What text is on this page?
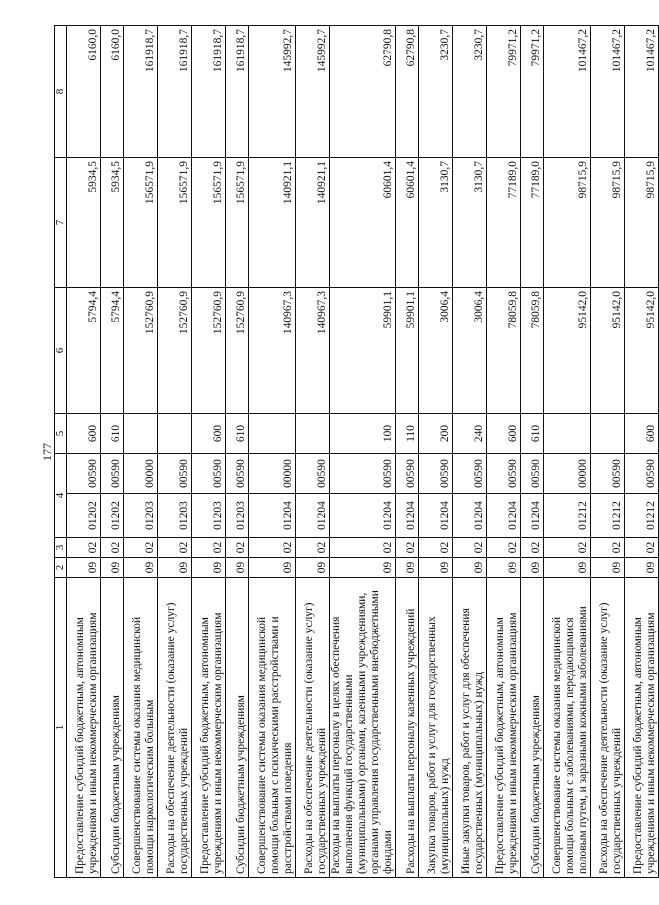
177
1	2	3	4		5	6	7	8
Предоставление субсидий бюджетным, автономным учреждениям и иным некоммерческим организациям	09	02	01202	00590	600	5794,4	5934,5	6160,0
Субсидии бюджетным учреждениям	09	02	01202	00590	610	5794,4	5934,5	6160,0
Совершенствование системы оказания медицинской помощи наркологическим больным	09	02	01203	00000		152760,9	156571,9	161918,7
Расходы на обеспечение деятельности (оказание услуг) государственных учреждений	09	02	01203	00590		152760,9	156571,9	161918,7
Предоставление субсидий бюджетным, автономным учреждениям и иным некоммерческим организациям	09	02	01203	00590	600	152760,9	156571,9	161918,7
Субсидии бюджетным учреждениям	09	02	01203	00590	610	152760,9	156571,9	161918,7
Совершенствование системы оказания медицинской помощи больным с психическими расстройствами и расстройствами поведения	09	02	01204	00000		140967,3	140921,1	145992,7
Расходы на обеспечение деятельности (оказание услуг) государственных учреждений	09	02	01204	00590		140967,3	140921,1	145992,7
Расходы на выплаты персоналу в целях обеспечения выполнения функций государственными (муниципальными) органами, казенными учреждениями, органами управления государственными внебюджетными фондами	09	02	01204	00590	100	59901,1	60601,4	62790,8
Расходы на выплаты персоналу казенных учреждений	09	02	01204	00590	110	59901,1	60601,4	62790,8
Закупка товаров, работ и услуг для государственных (муниципальных) нужд	09	02	01204	00590	200	3006,4	3130,7	3230,7
Иные закупки товаров, работ и услуг для обеспечения государственных (муниципальных) нужд	09	02	01204	00590	240	3006,4	3130,7	3230,7
Предоставление субсидий бюджетным, автономным учреждениям и иным некоммерческим организациям	09	02	01204	00590	600	78059,8	77189,0	79971,2
Субсидии бюджетным учреждениям	09	02	01204	00590	610	78059,8	77189,0	79971,2
Совершенствование системы оказания медицинской помощи больным с заболеваниями, передающимися половым путем, и заразными кожными заболеваниями	09	02	01212	00000		95142,0	98715,9	101467,2
Расходы на обеспечение деятельности (оказание услуг) государственных учреждений	09	02	01212	00590		95142,0	98715,9	101467,2
Предоставление субсидий бюджетным, автономным учреждениям и иным некоммерческим организациям	09	02	01212	00590	600	95142,0	98715,9	101467,2
